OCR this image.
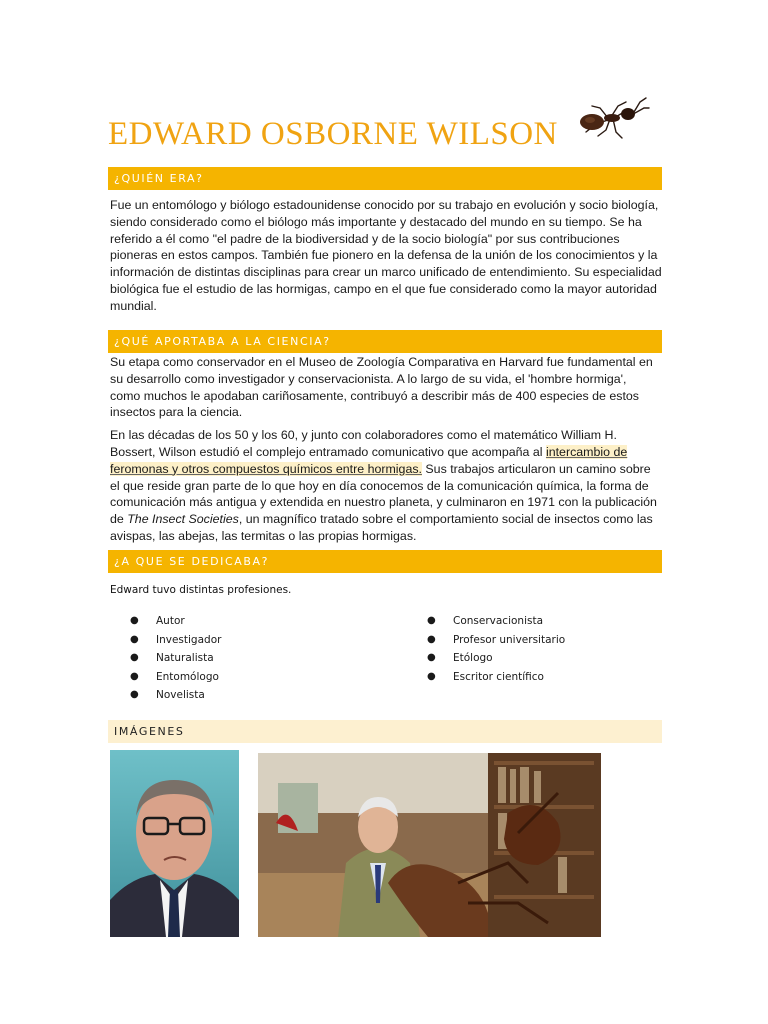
EDWARD OSBORNE WILSON
¿QUIÉN ERA?

Fue un entomólogo y biólogo estadounidense conocido por su trabajo en evolución y socio biología, siendo considerado como el biólogo más importante y destacado del mundo en su tiempo. Se ha referido a él como "el padre de la biodiversidad y de la socio biología" por sus contribuciones pioneras en estos campos. También fue pionero en la defensa de la unión de los conocimientos y la información de distintas disciplinas para crear un marco unificado de entendimiento. Su especialidad biológica fue el estudio de las hormigas, campo en el que fue considerado como la mayor autoridad mundial.

¿QUÉ APORTABA A LA CIENCIA?

Su etapa como conservador en el Museo de Zoología Comparativa en Harvard fue fundamental en su desarrollo como investigador y conservacionista. A lo largo de su vida, el 'hombre hormiga', como muchos le apodaban cariñosamente, contribuyó a describir más de 400 especies de estos insectos para la ciencia.

En las décadas de los 50 y los 60, y junto con colaboradores como el matemático William H. Bossert, Wilson estudió el complejo entramado comunicativo que acompaña al intercambio de feromonas y otros compuestos químicos entre hormigas. Sus trabajos articularon un camino sobre el que reside gran parte de lo que hoy en día conocemos de la comunicación química, la forma de comunicación más antigua y extendida en nuestro planeta, y culminaron en 1971 con la publicación de The Insect Societies, un magnífico tratado sobre el comportamiento social de insectos como las avispas, las abejas, las termitas o las propias hormigas.

¿A QUE SE DEDICABA?
Edward tuvo distintas profesiones.
● Autor
● Investigador
● Naturalista
● Entomólogo
● Novelista
● Conservacionista
● Profesor universitario
● Etólogo
● Escritor científico
IMÁGENES
